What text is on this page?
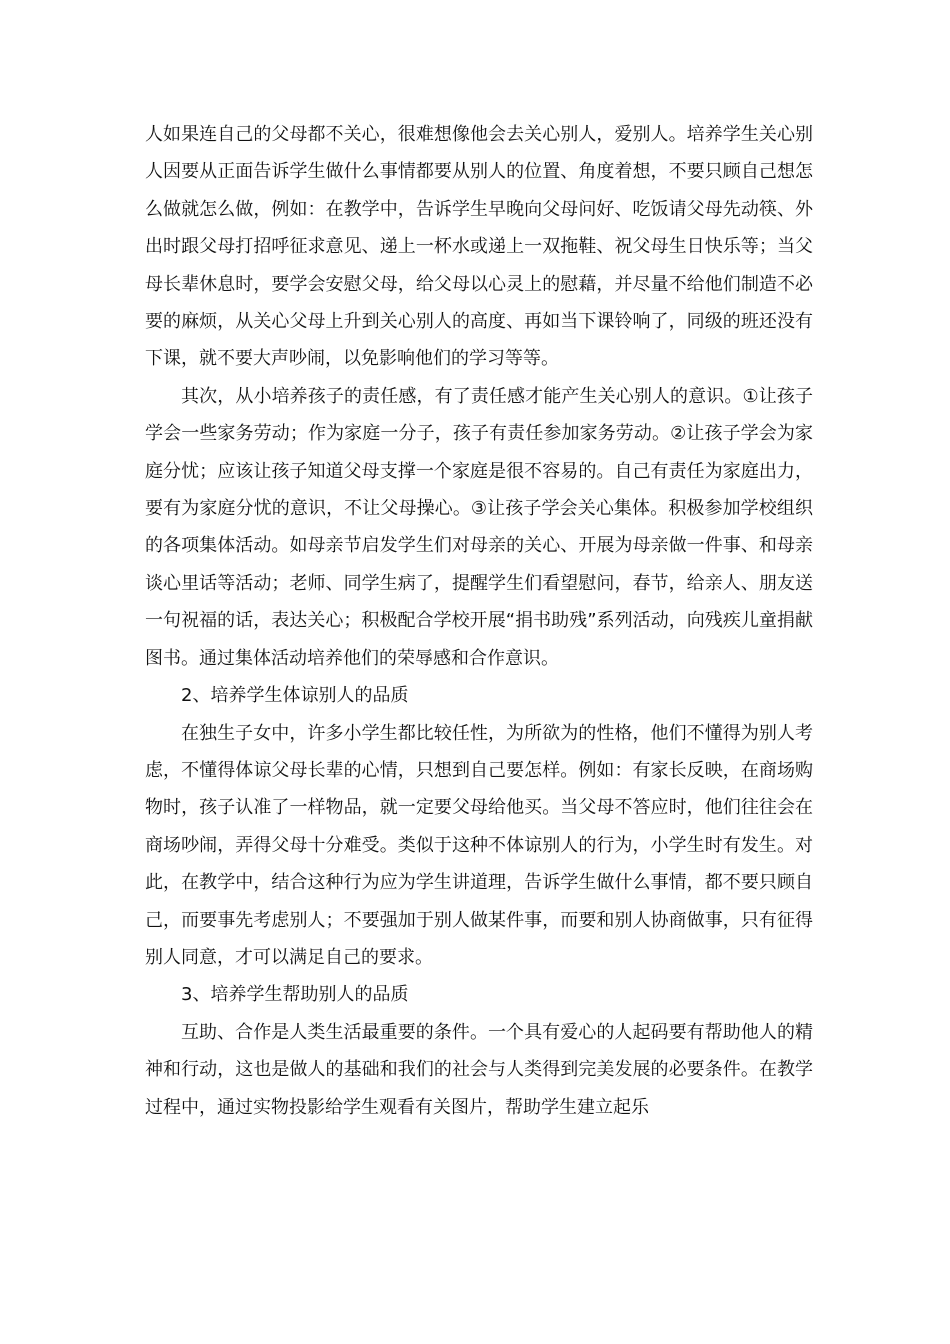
人如果连自己的父母都不关心，很难想像他会去关心别人，爱别人。培养学生关心别人因要从正面告诉学生做什么事情都要从别人的位置、角度着想，不要只顾自己想怎么做就怎么做，例如：在教学中，告诉学生早晚向父母问好、吃饭请父母先动筷、外出时跟父母打招呼征求意见、递上一杯水或递上一双拖鞋、祝父母生日快乐等；当父母长辈休息时，要学会安慰父母，给父母以心灵上的慰藉，并尽量不给他们制造不必要的麻烦，从关心父母上升到关心别人的高度、再如当下课铃响了，同级的班还没有下课，就不要大声吵闹，以免影响他们的学习等等。

其次，从小培养孩子的责任感，有了责任感才能产生关心别人的意识。①让孩子学会一些家务劳动；作为家庭一分子，孩子有责任参加家务劳动。②让孩子学会为家庭分忧；应该让孩子知道父母支撑一个家庭是很不容易的。自己有责任为家庭出力，要有为家庭分忧的意识，不让父母操心。③让孩子学会关心集体。积极参加学校组织的各项集体活动。如母亲节启发学生们对母亲的关心、开展为母亲做一件事、和母亲谈心里话等活动；老师、同学生病了，提醒学生们看望慰问，春节，给亲人、朋友送一句祝福的话，表达关心；积极配合学校开展“捐书助残”系列活动，向残疾儿童捐献图书。通过集体活动培养他们的荣辱感和合作意识。

2、培养学生体谅别人的品质

在独生子女中，许多小学生都比较任性，为所欲为的性格，他们不懂得为别人考虑，不懂得体谅父母长辈的心情，只想到自己要怎样。例如：有家长反映，在商场购物时，孩子认准了一样物品，就一定要父母给他买。当父母不答应时，他们往往会在商场吵闹，弄得父母十分难受。类似于这种不体谅别人的行为，小学生时有发生。对此，在教学中，结合这种行为应为学生讲道理，告诉学生做什么事情，都不要只顾自己，而要事先考虑别人；不要强加于别人做某件事，而要和别人协商做事，只有征得别人同意，才可以满足自己的要求。

3、培养学生帮助别人的品质

互助、合作是人类生活最重要的条件。一个具有爱心的人起码要有帮助他人的精神和行动，这也是做人的基础和我们的社会与人类得到完美发展的必要条件。在教学过程中，通过实物投影给学生观看有关图片，帮助学生建立起乐
